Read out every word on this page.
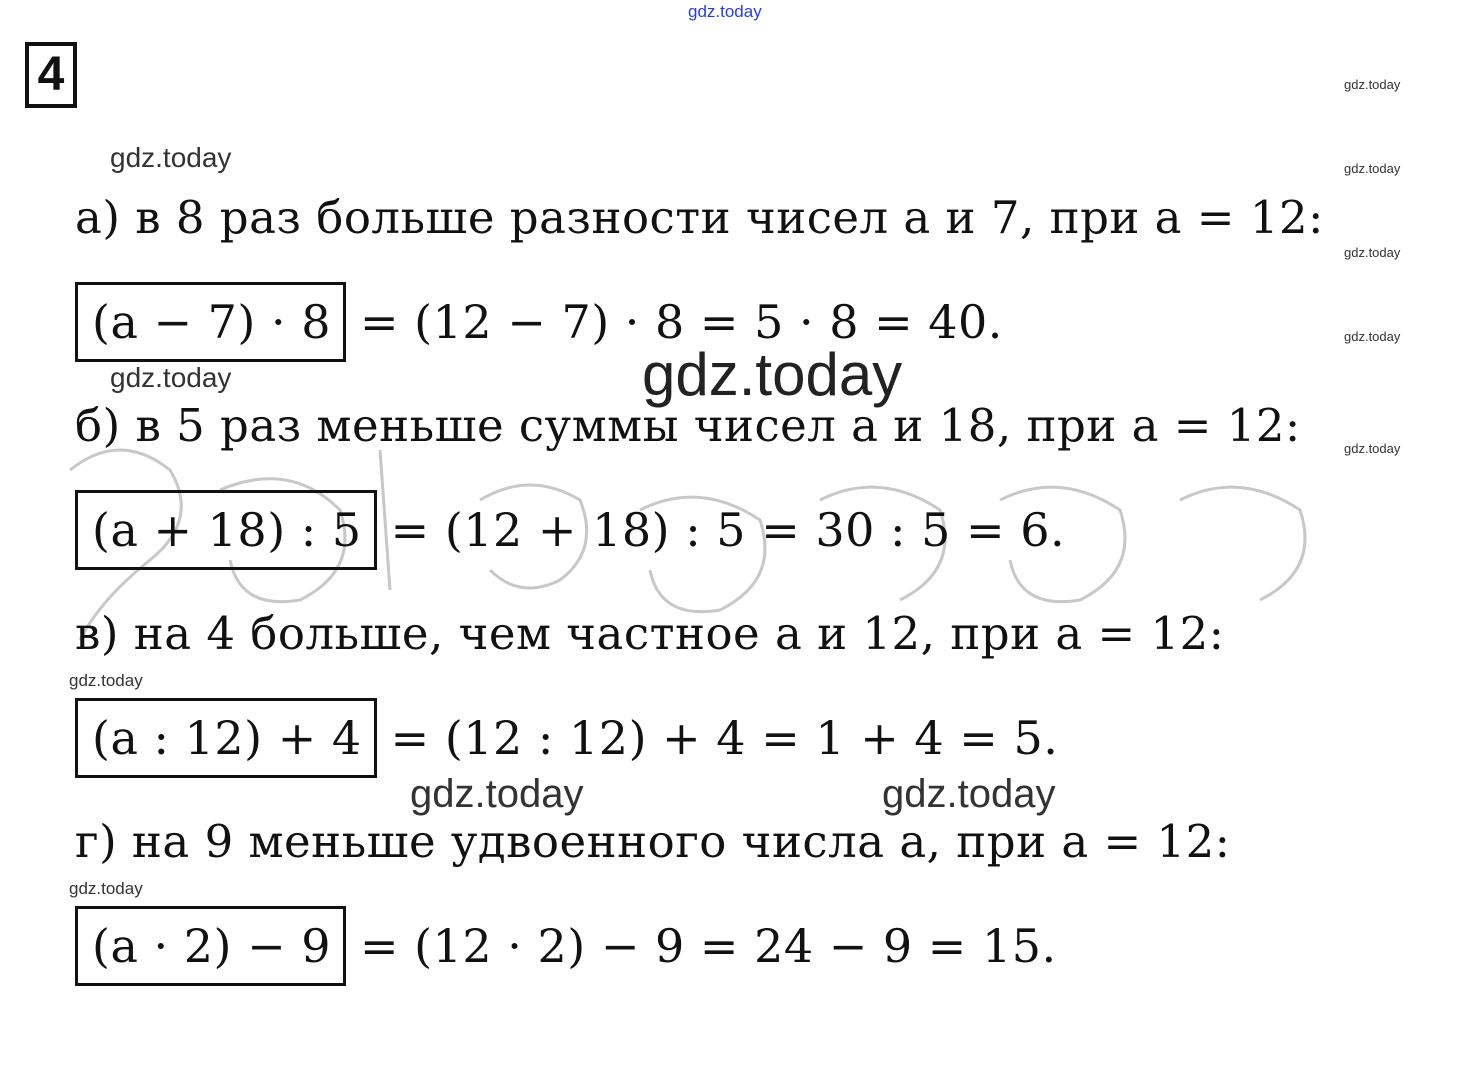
gdz.today
4	gdz.today
gdz.today
gdz.today
gdz.today
gdz.today
gdz.today
gdz.today
gdz.today
gdz.today
gdz.today
gdz.today	gdz.today
а) в 8 раз больше разности чисел a и 7, при a = 12:
(a − 7) · 8 = (12 − 7) · 8 = 5 · 8 = 40.
б) в 5 раз меньше суммы чисел a и 18, при a = 12:
(a + 18) : 5 = (12 + 18) : 5 = 30 : 5 = 6.
в) на 4 больше, чем частное a и 12, при a = 12:
(a : 12) + 4 = (12 : 12) + 4 = 1 + 4 = 5.
г) на 9 меньше удвоенного числа a, при a = 12:
(a · 2) − 9 = (12 · 2) − 9 = 24 − 9 = 15.
